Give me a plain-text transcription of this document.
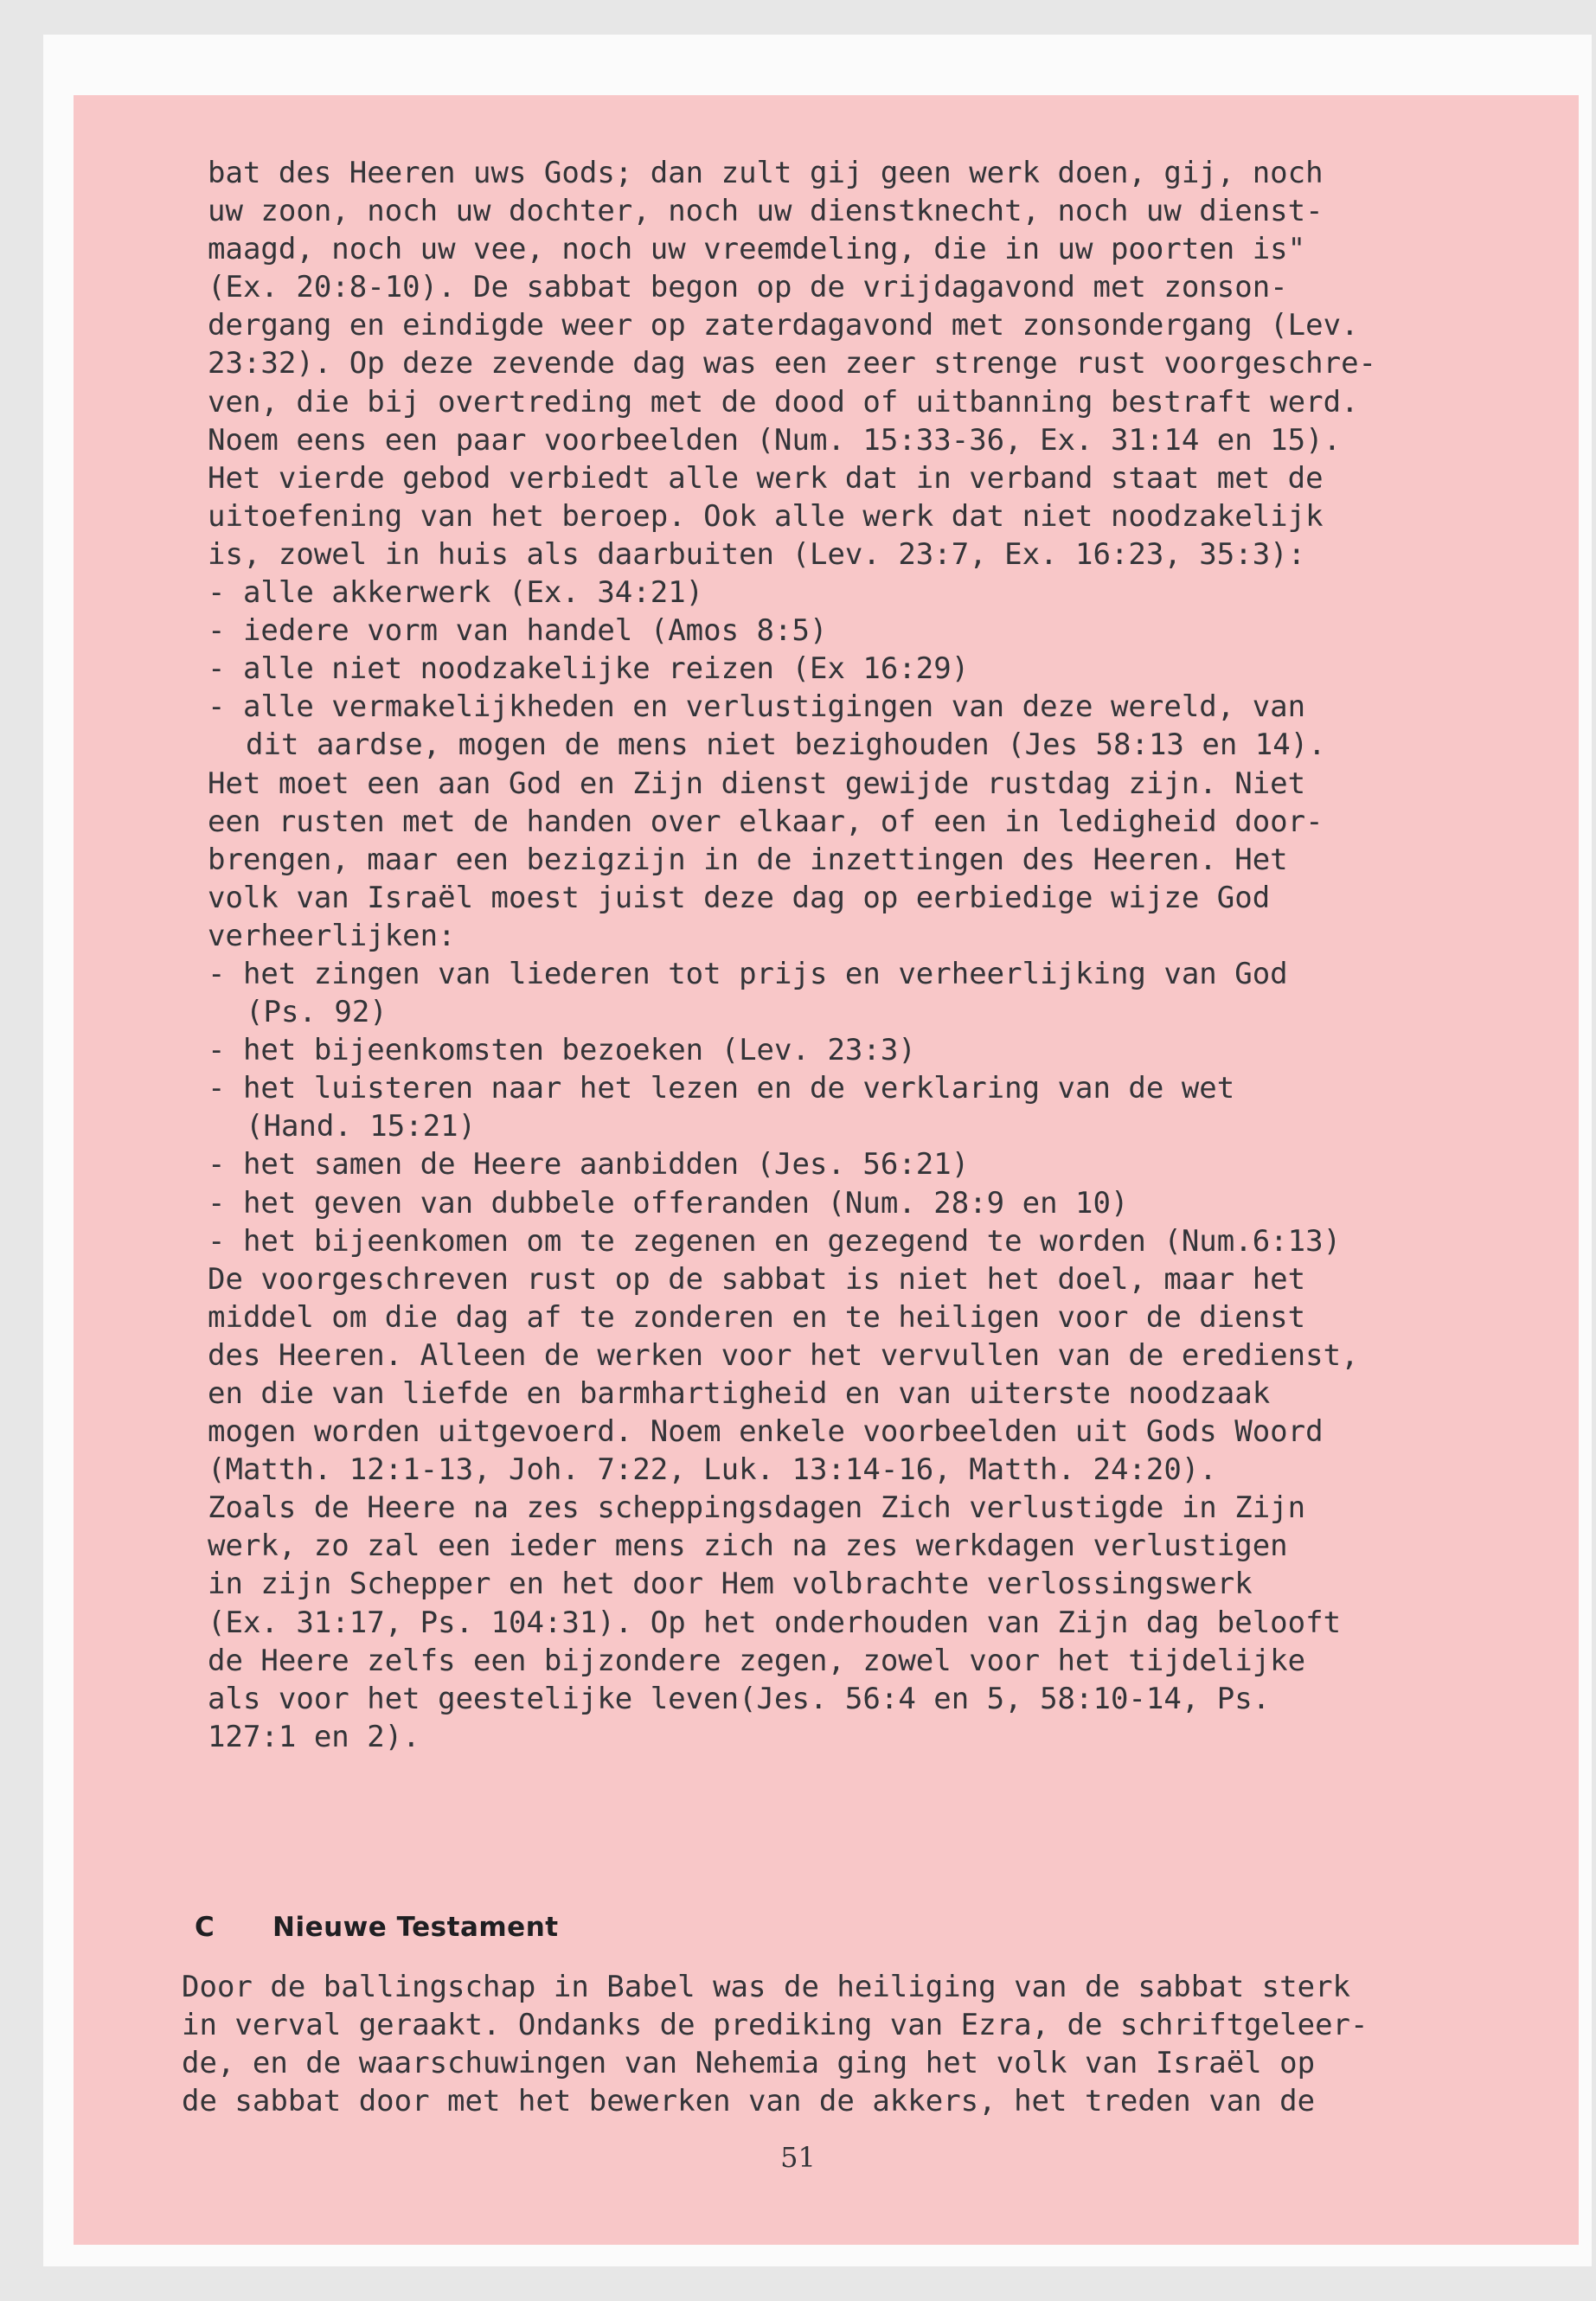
bat des Heeren uws Gods; dan zult gij geen werk doen, gij, noch
uw zoon, noch uw dochter, noch uw dienstknecht, noch uw dienst-
maagd, noch uw vee, noch uw vreemdeling, die in uw poorten is"
(Ex. 20:8-10). De sabbat begon op de vrijdagavond met zonson-
dergang en eindigde weer op zaterdagavond met zonsondergang (Lev.
23:32). Op deze zevende dag was een zeer strenge rust voorgeschre-
ven, die bij overtreding met de dood of uitbanning bestraft werd.
Noem eens een paar voorbeelden (Num. 15:33-36, Ex. 31:14 en 15).
Het vierde gebod verbiedt alle werk dat in verband staat met de
uitoefening van het beroep. Ook alle werk dat niet noodzakelijk
is, zowel in huis als daarbuiten (Lev. 23:7, Ex. 16:23, 35:3):
- alle akkerwerk (Ex. 34:21)
- iedere vorm van handel (Amos 8:5)
- alle niet noodzakelijke reizen (Ex 16:29)
- alle vermakelijkheden en verlustigingen van deze wereld, van
dit aardse, mogen de mens niet bezighouden (Jes 58:13 en 14).
Het moet een aan God en Zijn dienst gewijde rustdag zijn. Niet
een rusten met de handen over elkaar, of een in ledigheid door-
brengen, maar een bezigzijn in de inzettingen des Heeren. Het
volk van Israël moest juist deze dag op eerbiedige wijze God
verheerlijken:
- het zingen van liederen tot prijs en verheerlijking van God
(Ps. 92)
- het bijeenkomsten bezoeken (Lev. 23:3)
- het luisteren naar het lezen en de verklaring van de wet
(Hand. 15:21)
- het samen de Heere aanbidden (Jes. 56:21)
- het geven van dubbele offeranden (Num. 28:9 en 10)
- het bijeenkomen om te zegenen en gezegend te worden (Num.6:13)
De voorgeschreven rust op de sabbat is niet het doel, maar het
middel om die dag af te zonderen en te heiligen voor de dienst
des Heeren. Alleen de werken voor het vervullen van de eredienst,
en die van liefde en barmhartigheid en van uiterste noodzaak
mogen worden uitgevoerd. Noem enkele voorbeelden uit Gods Woord
(Matth. 12:1-13, Joh. 7:22, Luk. 13:14-16, Matth. 24:20).
Zoals de Heere na zes scheppingsdagen Zich verlustigde in Zijn
werk, zo zal een ieder mens zich na zes werkdagen verlustigen
in zijn Schepper en het door Hem volbrachte verlossingswerk
(Ex. 31:17, Ps. 104:31). Op het onderhouden van Zijn dag belooft
de Heere zelfs een bijzondere zegen, zowel voor het tijdelijke
als voor het geestelijke leven(Jes. 56:4 en 5, 58:10-14, Ps.
127:1 en 2).
C Nieuwe Testament
Door de ballingschap in Babel was de heiliging van de sabbat sterk
in verval geraakt. Ondanks de prediking van Ezra, de schriftgeleer-
de, en de waarschuwingen van Nehemia ging het volk van Israël op
de sabbat door met het bewerken van de akkers, het treden van de
51
